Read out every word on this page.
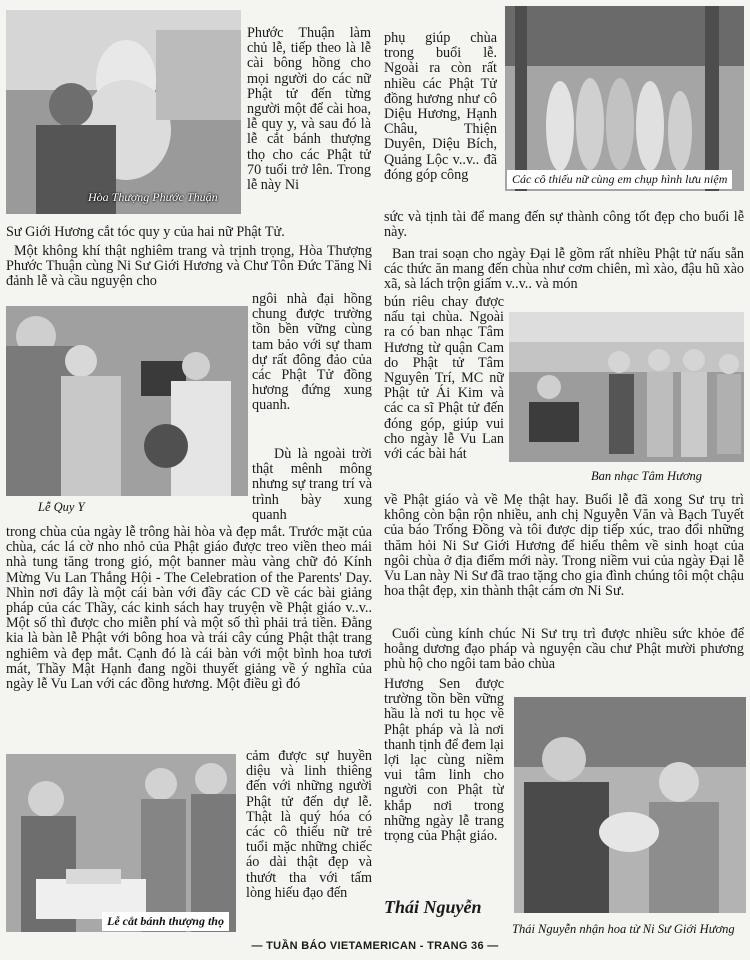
Hòa Thượng Phước Thuận
Các cô thiếu nữ cùng em chụp hình lưu niệm
Lễ Quy Y
Ban nhạc Tâm Hương
Lễ cắt bánh thượng thọ
Thái Nguyễn nhận hoa từ Ni Sư Giới Hương
Phước Thuận làm chủ lễ, tiếp theo là lễ cài bông hồng cho mọi người do các nữ Phật tử đến từng người một để cài hoa, lễ quy y, và sau đó là lễ cắt bánh thượng thọ cho các Phật tử 70 tuổi trở lên. Trong lễ này Ni
Sư Giới Hương cắt tóc quy y của hai nữ Phật Tử.
Một không khí thật nghiêm trang và trịnh trọng, Hòa Thượng Phước Thuận cùng Ni Sư Giới Hương và Chư Tôn Đức Tăng Ni đảnh lễ và cầu nguyện cho
ngôi nhà đại hồng chung được trường tồn bền vững cùng tam bảo với sự tham dự rất đông đảo của các Phật Tử đồng hương đứng xung quanh.
Dù là ngoài trời thật mênh mông nhưng sự trang trí và trình bày xung quanh
trong chùa của ngày lễ trông hài hòa và đẹp mắt. Trước mặt của chùa, các lá cờ nho nhỏ của Phật giáo được treo viền theo mái nhà tung tăng trong gió, một banner màu vàng chữ đỏ Kính Mừng Vu Lan Thắng Hội - The Celebration of the Parents' Day. Nhìn nơi đây là một cái bàn với đầy các CD về các bài giảng pháp của các Thầy, các kinh sách hay truyện về Phật giáo v..v.. Một số thì được cho miễn phí và một số thì phải trả tiền. Đằng kia là bàn lễ Phật với bông hoa và trái cây cúng Phật thật trang nghiêm và đẹp mắt. Cạnh đó là cái bàn với một bình hoa tươi mát, Thầy Mật Hạnh đang ngồi thuyết giảng về ý nghĩa của ngày lễ Vu Lan với các đồng hương. Một điều gì đó
cảm được sự huyền diệu và linh thiêng đến với những người Phật tử đến dự lễ. Thật là quý hóa có các cô thiếu nữ trẻ tuổi mặc những chiếc áo dài thật đẹp và thướt tha với tấm lòng hiếu đạo đến
phụ giúp chùa trong buổi lễ. Ngoài ra còn rất nhiều các Phật Tử đồng hương như cô Diệu Hương, Hạnh Châu, Thiện Duyên, Diệu Bích, Quảng Lộc v..v.. đã đóng góp công
sức và tịnh tài để mang đến sự thành công tốt đẹp cho buổi lễ này.
Ban trai soạn cho ngày Đại lễ gồm rất nhiều Phật tử nấu sẵn các thức ăn mang đến chùa như cơm chiên, mì xào, đậu hũ xào xã, sà lách trộn giấm v..v.. và món
bún riêu chay được nấu tại chùa. Ngoài ra có ban nhạc Tâm Hương từ quận Cam do Phật tử Tâm Nguyên Trí, MC nữ Phật tử Ái Kim và các ca sĩ Phật tử đến đóng góp, giúp vui cho ngày lễ Vu Lan với các bài hát
về Phật giáo và về Mẹ thật hay. Buổi lễ đã xong Sư trụ trì không còn bận rộn nhiều, anh chị Nguyễn Văn và Bạch Tuyết của báo Trống Đồng và tôi được dịp tiếp xúc, trao đổi những thăm hỏi Ni Sư Giới Hương để hiểu thêm về sinh hoạt của ngôi chùa ở địa điểm mới này. Trong niềm vui của ngày Đại lễ Vu Lan này Ni Sư đã trao tặng cho gia đình chúng tôi một chậu hoa thật đẹp, xin thành thật cám ơn Ni Sư.
Cuối cùng kính chúc Ni Sư trụ trì được nhiều sức khỏe để hoằng dương đạo pháp và nguyện cầu chư Phật mười phương phù hộ cho ngôi tam bảo chùa
Hương Sen được trường tồn bền vững hầu là nơi tu học về Phật pháp và là nơi thanh tịnh để đem lại lợi lạc cùng niềm vui tâm linh cho người con Phật từ khắp nơi trong những ngày lễ trang trọng của Phật giáo.
Thái Nguyễn
— TUẦN BÁO VIETAMERICAN - TRANG 36 —
